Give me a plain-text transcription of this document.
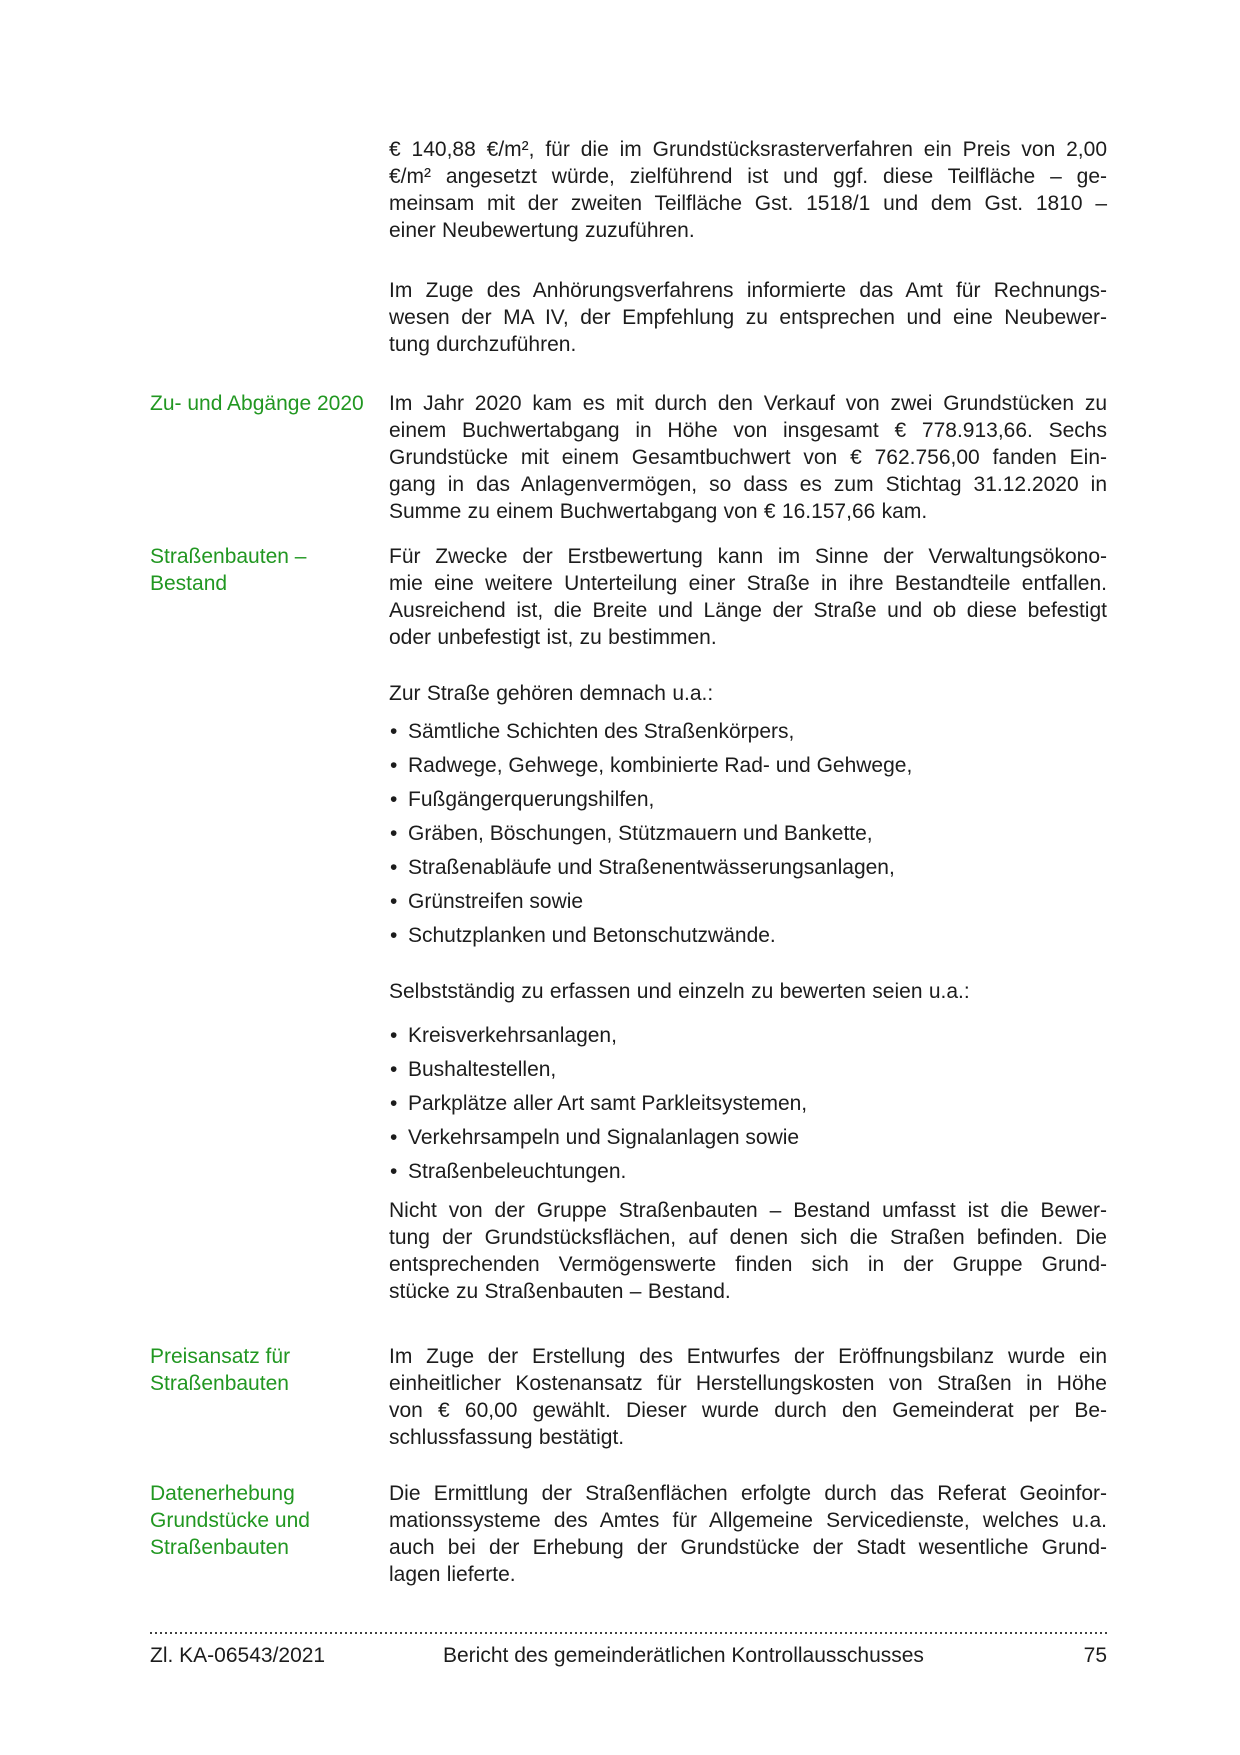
€ 140,88 €/m², für die im Grundstücksrasterverfahren ein Preis von 2,00
€/m² angesetzt würde, zielführend ist und ggf. diese Teilfläche – ge-
meinsam mit der zweiten Teilfläche Gst. 1518/1 und dem Gst. 1810 –
einer Neubewertung zuzuführen.
Im Zuge des Anhörungsverfahrens informierte das Amt für Rechnungs-
wesen der MA IV, der Empfehlung zu entsprechen und eine Neubewer-
tung durchzuführen.
Zu- und Abgänge 2020 Im Jahr 2020 kam es mit durch den Verkauf von zwei Grundstücken zu
einem Buchwertabgang in Höhe von insgesamt € 778.913,66. Sechs
Grundstücke mit einem Gesamtbuchwert von € 762.756,00 fanden Ein-
gang in das Anlagenvermögen, so dass es zum Stichtag 31.12.2020 in
Summe zu einem Buchwertabgang von € 16.157,66 kam.
Straßenbauten –
Bestand
Für Zwecke der Erstbewertung kann im Sinne der Verwaltungsökono-
mie eine weitere Unterteilung einer Straße in ihre Bestandteile entfallen.
Ausreichend ist, die Breite und Länge der Straße und ob diese befestigt
oder unbefestigt ist, zu bestimmen.
Zur Straße gehören demnach u.a.:
• Sämtliche Schichten des Straßenkörpers,
• Radwege, Gehwege, kombinierte Rad- und Gehwege,
• Fußgängerquerungshilfen,
• Gräben, Böschungen, Stützmauern und Bankette,
• Straßenabläufe und Straßenentwässerungsanlagen,
• Grünstreifen sowie
• Schutzplanken und Betonschutzwände.
Selbstständig zu erfassen und einzeln zu bewerten seien u.a.:
• Kreisverkehrsanlagen,
• Bushaltestellen,
• Parkplätze aller Art samt Parkleitsystemen,
• Verkehrsampeln und Signalanlagen sowie
• Straßenbeleuchtungen.
Nicht von der Gruppe Straßenbauten – Bestand umfasst ist die Bewer-
tung der Grundstücksflächen, auf denen sich die Straßen befinden. Die
entsprechenden Vermögenswerte finden sich in der Gruppe Grund-
stücke zu Straßenbauten – Bestand.
Preisansatz für
Straßenbauten
Im Zuge der Erstellung des Entwurfes der Eröffnungsbilanz wurde ein
einheitlicher Kostenansatz für Herstellungskosten von Straßen in Höhe
von € 60,00 gewählt. Dieser wurde durch den Gemeinderat per Be-
schlussfassung bestätigt.
Datenerhebung
Grundstücke und
Straßenbauten
Die Ermittlung der Straßenflächen erfolgte durch das Referat Geoinfor-
mationssysteme des Amtes für Allgemeine Servicedienste, welches u.a.
auch bei der Erhebung der Grundstücke der Stadt wesentliche Grund-
lagen lieferte.
Zl. KA-06543/2021	Bericht des gemeinderätlichen Kontrollausschusses	75
